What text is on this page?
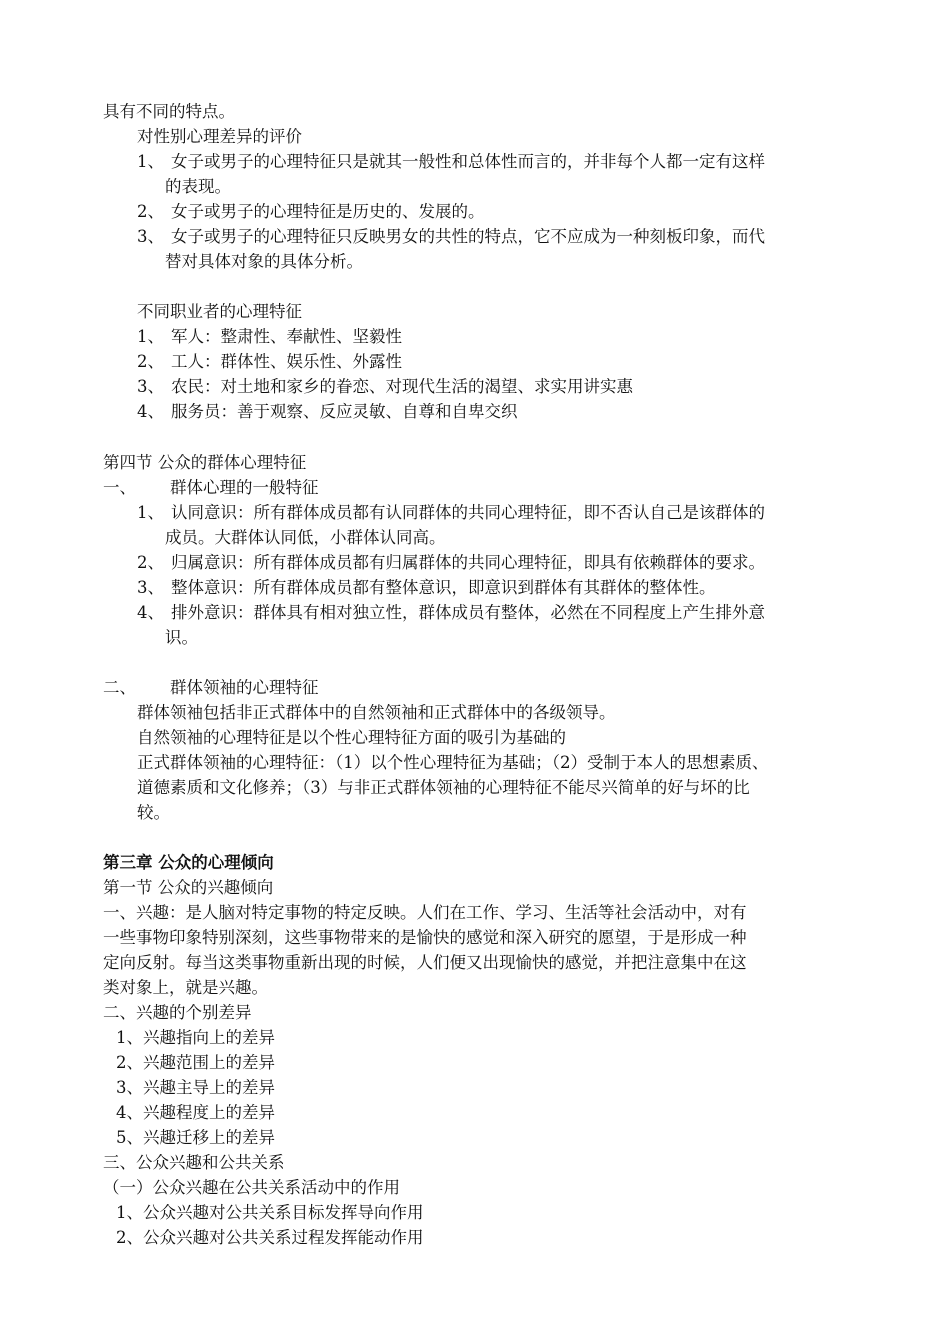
具有不同的特点。
对性别心理差异的评价
1、 女子或男子的心理特征只是就其一般性和总体性而言的，并非每个人都一定有这样
的表现。
2、 女子或男子的心理特征是历史的、发展的。
3、 女子或男子的心理特征只反映男女的共性的特点，它不应成为一种刻板印象，而代
替对具体对象的具体分析。
不同职业者的心理特征
1、 军人：整肃性、奉献性、坚毅性
2、 工人：群体性、娱乐性、外露性
3、 农民：对土地和家乡的眷恋、对现代生活的渴望、求实用讲实惠
4、 服务员：善于观察、反应灵敏、自尊和自卑交织
第四节 公众的群体心理特征
一、 群体心理的一般特征
1、 认同意识：所有群体成员都有认同群体的共同心理特征，即不否认自己是该群体的
成员。大群体认同低，小群体认同高。
2、 归属意识：所有群体成员都有归属群体的共同心理特征，即具有依赖群体的要求。
3、 整体意识：所有群体成员都有整体意识，即意识到群体有其群体的整体性。
4、 排外意识：群体具有相对独立性，群体成员有整体，必然在不同程度上产生排外意
识。
二、 群体领袖的心理特征
群体领袖包括非正式群体中的自然领袖和正式群体中的各级领导。
自然领袖的心理特征是以个性心理特征方面的吸引为基础的
正式群体领袖的心理特征：（1）以个性心理特征为基础；（2）受制于本人的思想素质、
道德素质和文化修养；（3）与非正式群体领袖的心理特征不能尽兴简单的好与坏的比
较。
第三章 公众的心理倾向
第一节 公众的兴趣倾向
一、兴趣：是人脑对特定事物的特定反映。人们在工作、学习、生活等社会活动中，对有
一些事物印象特别深刻，这些事物带来的是愉快的感觉和深入研究的愿望，于是形成一种
定向反射。每当这类事物重新出现的时候，人们便又出现愉快的感觉，并把注意集中在这
类对象上，就是兴趣。
二、兴趣的个别差异
1、兴趣指向上的差异
2、兴趣范围上的差异
3、兴趣主导上的差异
4、兴趣程度上的差异
5、兴趣迁移上的差异
三、公众兴趣和公共关系
（一）公众兴趣在公共关系活动中的作用
1、公众兴趣对公共关系目标发挥导向作用
2、公众兴趣对公共关系过程发挥能动作用
